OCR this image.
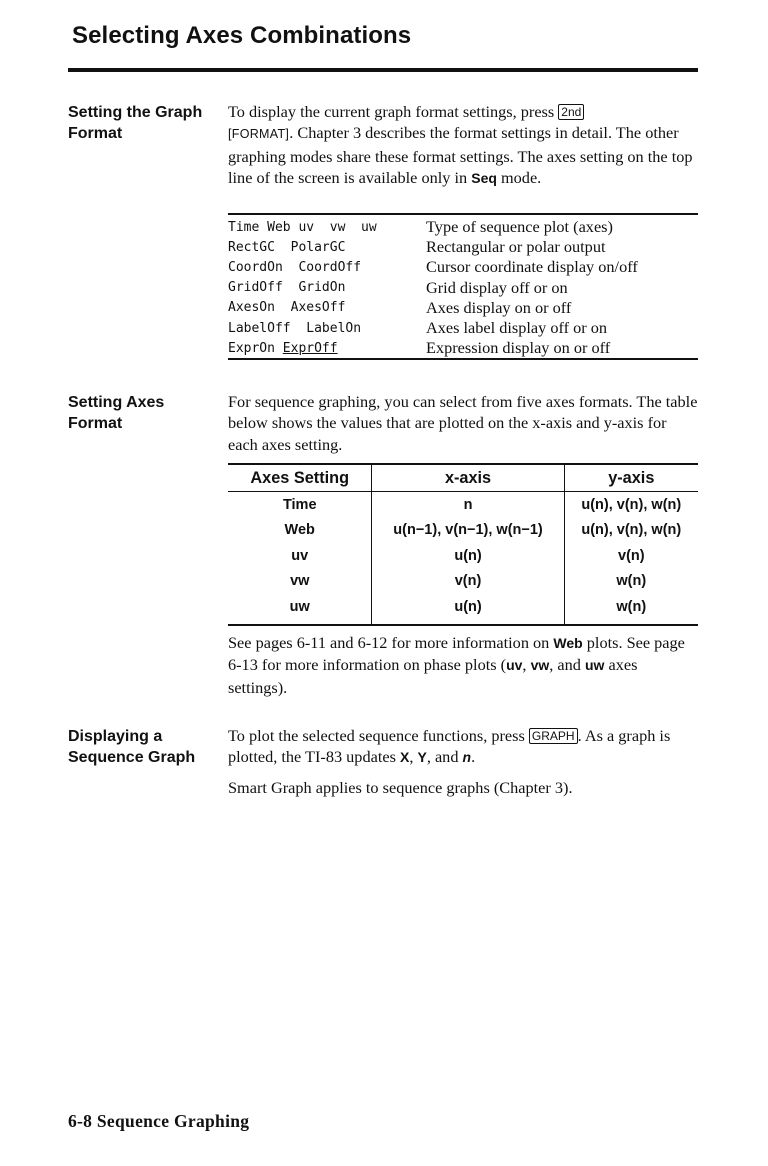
Selecting Axes Combinations
Setting the Graph
Format

To display the current graph format settings, press 2nd
[FORMAT]. Chapter 3 describes the format settings in detail. The other graphing modes share these format settings. The axes setting on the top line of the screen is available only in Seq mode.

Time Web uv  vw  uw	Type of sequence plot (axes)
RectGC  PolarGC	Rectangular or polar output
CoordOn  CoordOff	Cursor coordinate display on/off
GridOff  GridOn	Grid display off or on
AxesOn  AxesOff	Axes display on or off
LabelOff  LabelOn	Axes label display off or on
ExprOn ExprOff	Expression display on or off
Setting Axes
Format

For sequence graphing, you can select from five axes formats. The table below shows the values that are plotted on the x-axis and y-axis for each axes setting.

Axes Setting	x-axis	y-axis
Time	n	u(n), v(n), w(n)
Web	u(n−1), v(n−1), w(n−1)	u(n), v(n), w(n)
uv	u(n)	v(n)
vw	v(n)	w(n)
uw	u(n)	w(n)

See pages 6-11 and 6-12 for more information on Web plots. See page 6-13 for more information on phase plots (uv, vw, and uw axes settings).

Displaying a
Sequence Graph

To plot the selected sequence functions, press GRAPH . As a graph is plotted, the TI-83 updates X, Y, and n.

Smart Graph applies to sequence graphs (Chapter 3).

6-8 Sequence Graphing
